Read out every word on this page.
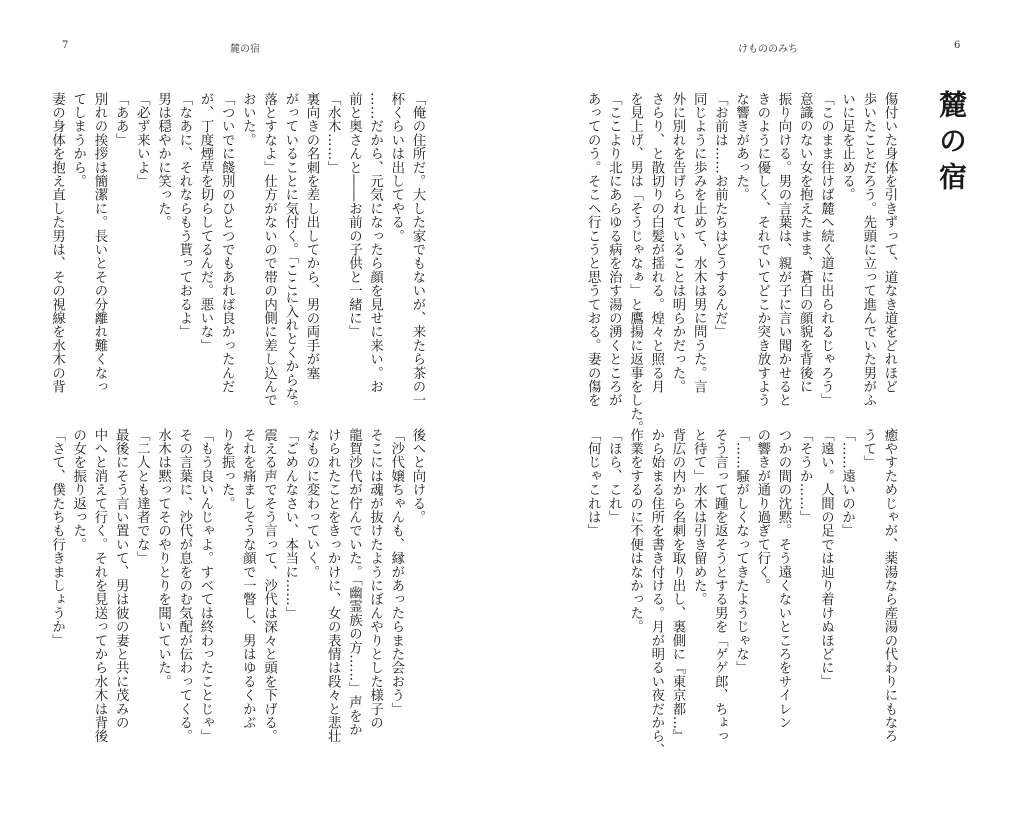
7	麓の宿

「俺の住所だ。大した家でもないが、来たら茶の一

杯くらいは出してやる。

……だから、元気になったら顔を見せに来い。お

前と奥さんと――お前の子供と一緒に」

「水木……」

裏向きの名刺を差し出してから、男の両手が塞

がっていることに気付く。「ここに入れとくからな。

落とすなよ」仕方がないので帯の内側に差し込んで

おいた。

「ついでに餞別のひとつでもあれば良かったんだ

が、丁度煙草を切らしてるんだ。悪いな」

「なあに、それならもう貰っておるよ」

男は穏やかに笑った。

「必ず来いよ」

「ああ」

別れの挨拶は簡潔に。長いとその分離れ難くなっ

てしまうから。

妻の身体を抱え直した男は、その視線を水木の背

後へと向ける。

「沙代嬢ちゃんも、縁があったらまた会おう」

そこには魂が抜けたようにぼんやりとした様子の

龍賀沙代が佇んでいた。「幽霊族の方……」声をか

けられたことをきっかけに、女の表情は段々と悲壮

なものに変わっていく。

「ごめんなさい、本当に……」

震える声でそう言って、沙代は深々と頭を下げる。

それを痛ましそうな顔で一瞥し、男はゆるくかぶ

りを振った。

「もう良いんじゃよ。すべては終わったことじゃ」

その言葉に、沙代が息をのむ気配が伝わってくる。

水木は黙ってそのやりとりを聞いていた。

「二人とも達者でな」

最後にそう言い置いて、男は彼の妻と共に茂みの

中へと消えて行く。それを見送ってから水木は背後

の女を振り返った。

「さて、僕たちも行きましょうか」

けもののみち	6
麓の宿

傷付いた身体を引きずって、道なき道をどれほど

歩いたことだろう。先頭に立って進んでいた男がふ

いに足を止める。

「このまま往けば麓へ続く道に出られるじゃろう」

意識のない女を抱えたまま、蒼白の顔貌を背後に

振り向ける。男の言葉は、親が子に言い聞かせると

きのように優しく、それでいてどこか突き放すよう

な響きがあった。

「お前は……お前たちはどうするんだ」

同じように歩みを止めて、水木は男に問うた。言

外に別れを告げられていることは明らかだった。

さらり、と散切りの白髪が揺れる。煌々と照る月

を見上げ、男は「そうじゃなぁ」と鷹揚に返事をした。

「ここより北にあらゆる病を治す湯の湧くところが

あってのう。そこへ行こうと思うておる。妻の傷を

癒やすためじゃが、薬湯なら産湯の代わりにもなろ

うて」

「……遠いのか」

「遠い。人間の足では辿り着けぬほどに」

「そうか……」

つかの間の沈黙。そう遠くないところをサイレン

の響きが通り過ぎて行く。

「……騒がしくなってきたようじゃな」

そう言って踵を返そうとする男を「ゲゲ郎、ちょっ

と待て」水木は引き留めた。

背広の内から名刺を取り出し、裏側に『東京都…』

から始まる住所を書き付ける。月が明るい夜だから、

作業をするのに不便はなかった。

「ほら、これ」

「何じゃこれは」
